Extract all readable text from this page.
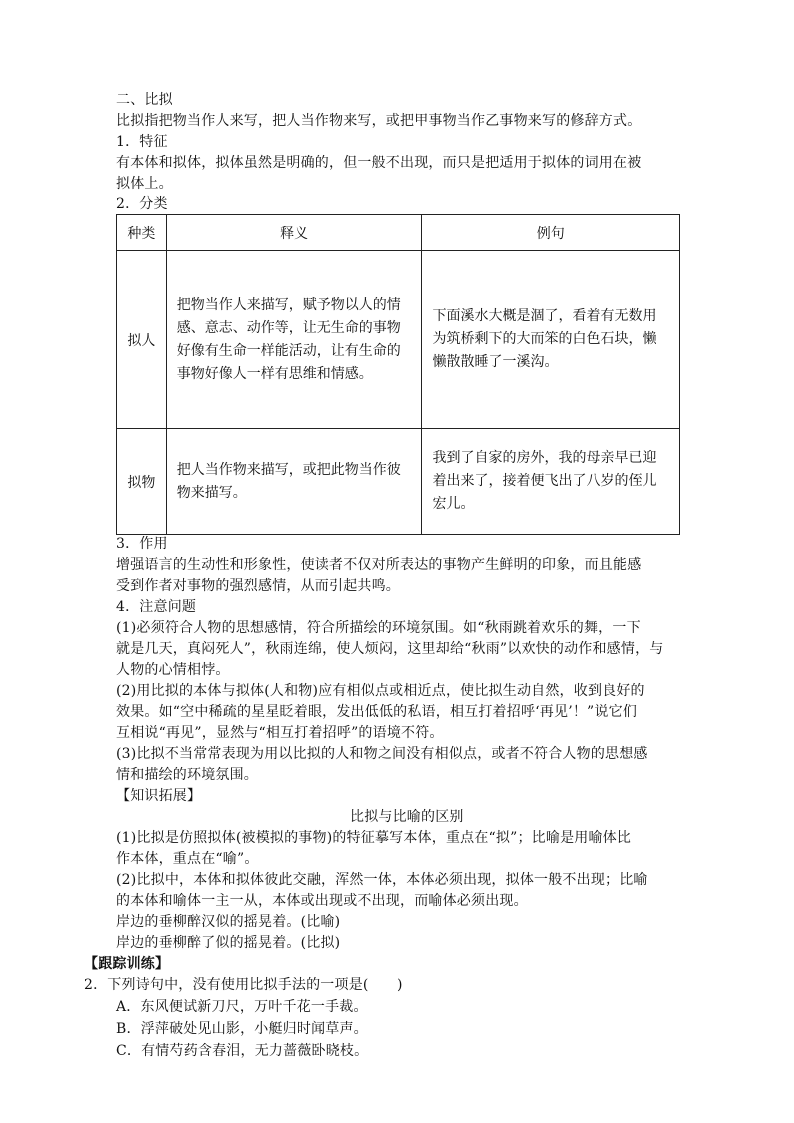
二、比拟
比拟指把物当作人来写，把人当作物来写，或把甲事物当作乙事物来写的修辞方式。
1．特征
有本体和拟体，拟体虽然是明确的，但一般不出现，而只是把适用于拟体的词用在被
拟体上。
2．分类
种类	释义	例句
拟人	把物当作人来描写，赋予物以人的情感、意志、动作等，让无生命的事物好像有生命一样能活动，让有生命的事物好像人一样有思维和情感。	下面溪水大概是涸了，看着有无数用为筑桥剩下的大而笨的白色石块，懒懒散散睡了一溪沟。
拟物	把人当作物来描写，或把此物当作彼物来描写。	我到了自家的房外，我的母亲早已迎着出来了，接着便飞出了八岁的侄儿宏儿。
3．作用
增强语言的生动性和形象性，使读者不仅对所表达的事物产生鲜明的印象，而且能感
受到作者对事物的强烈感情，从而引起共鸣。
4．注意问题
(1)必须符合人物的思想感情，符合所描绘的环境氛围。如“秋雨跳着欢乐的舞，一下
就是几天，真闷死人”，秋雨连绵，使人烦闷，这里却给“秋雨”以欢快的动作和感情，与
人物的心情相悖。
(2)用比拟的本体与拟体(人和物)应有相似点或相近点，使比拟生动自然，收到良好的
效果。如“空中稀疏的星星眨着眼，发出低低的私语，相互打着招呼‘再见’！”说它们
互相说“再见”，显然与“相互打着招呼”的语境不符。
(3)比拟不当常常表现为用以比拟的人和物之间没有相似点，或者不符合人物的思想感
情和描绘的环境氛围。
【知识拓展】
比拟与比喻的区别
(1)比拟是仿照拟体(被模拟的事物)的特征摹写本体，重点在“拟”；比喻是用喻体比
作本体，重点在“喻”。
(2)比拟中，本体和拟体彼此交融，浑然一体，本体必须出现，拟体一般不出现；比喻
的本体和喻体一主一从，本体或出现或不出现，而喻体必须出现。
岸边的垂柳醉汉似的摇晃着。(比喻)
岸边的垂柳醉了似的摇晃着。(比拟)
【跟踪训练】
2．下列诗句中，没有使用比拟手法的一项是(　　)
A．东风便试新刀尺，万叶千花一手裁。
B．浮萍破处见山影，小艇归时闻草声。
C．有情芍药含春泪，无力蔷薇卧晓枝。
